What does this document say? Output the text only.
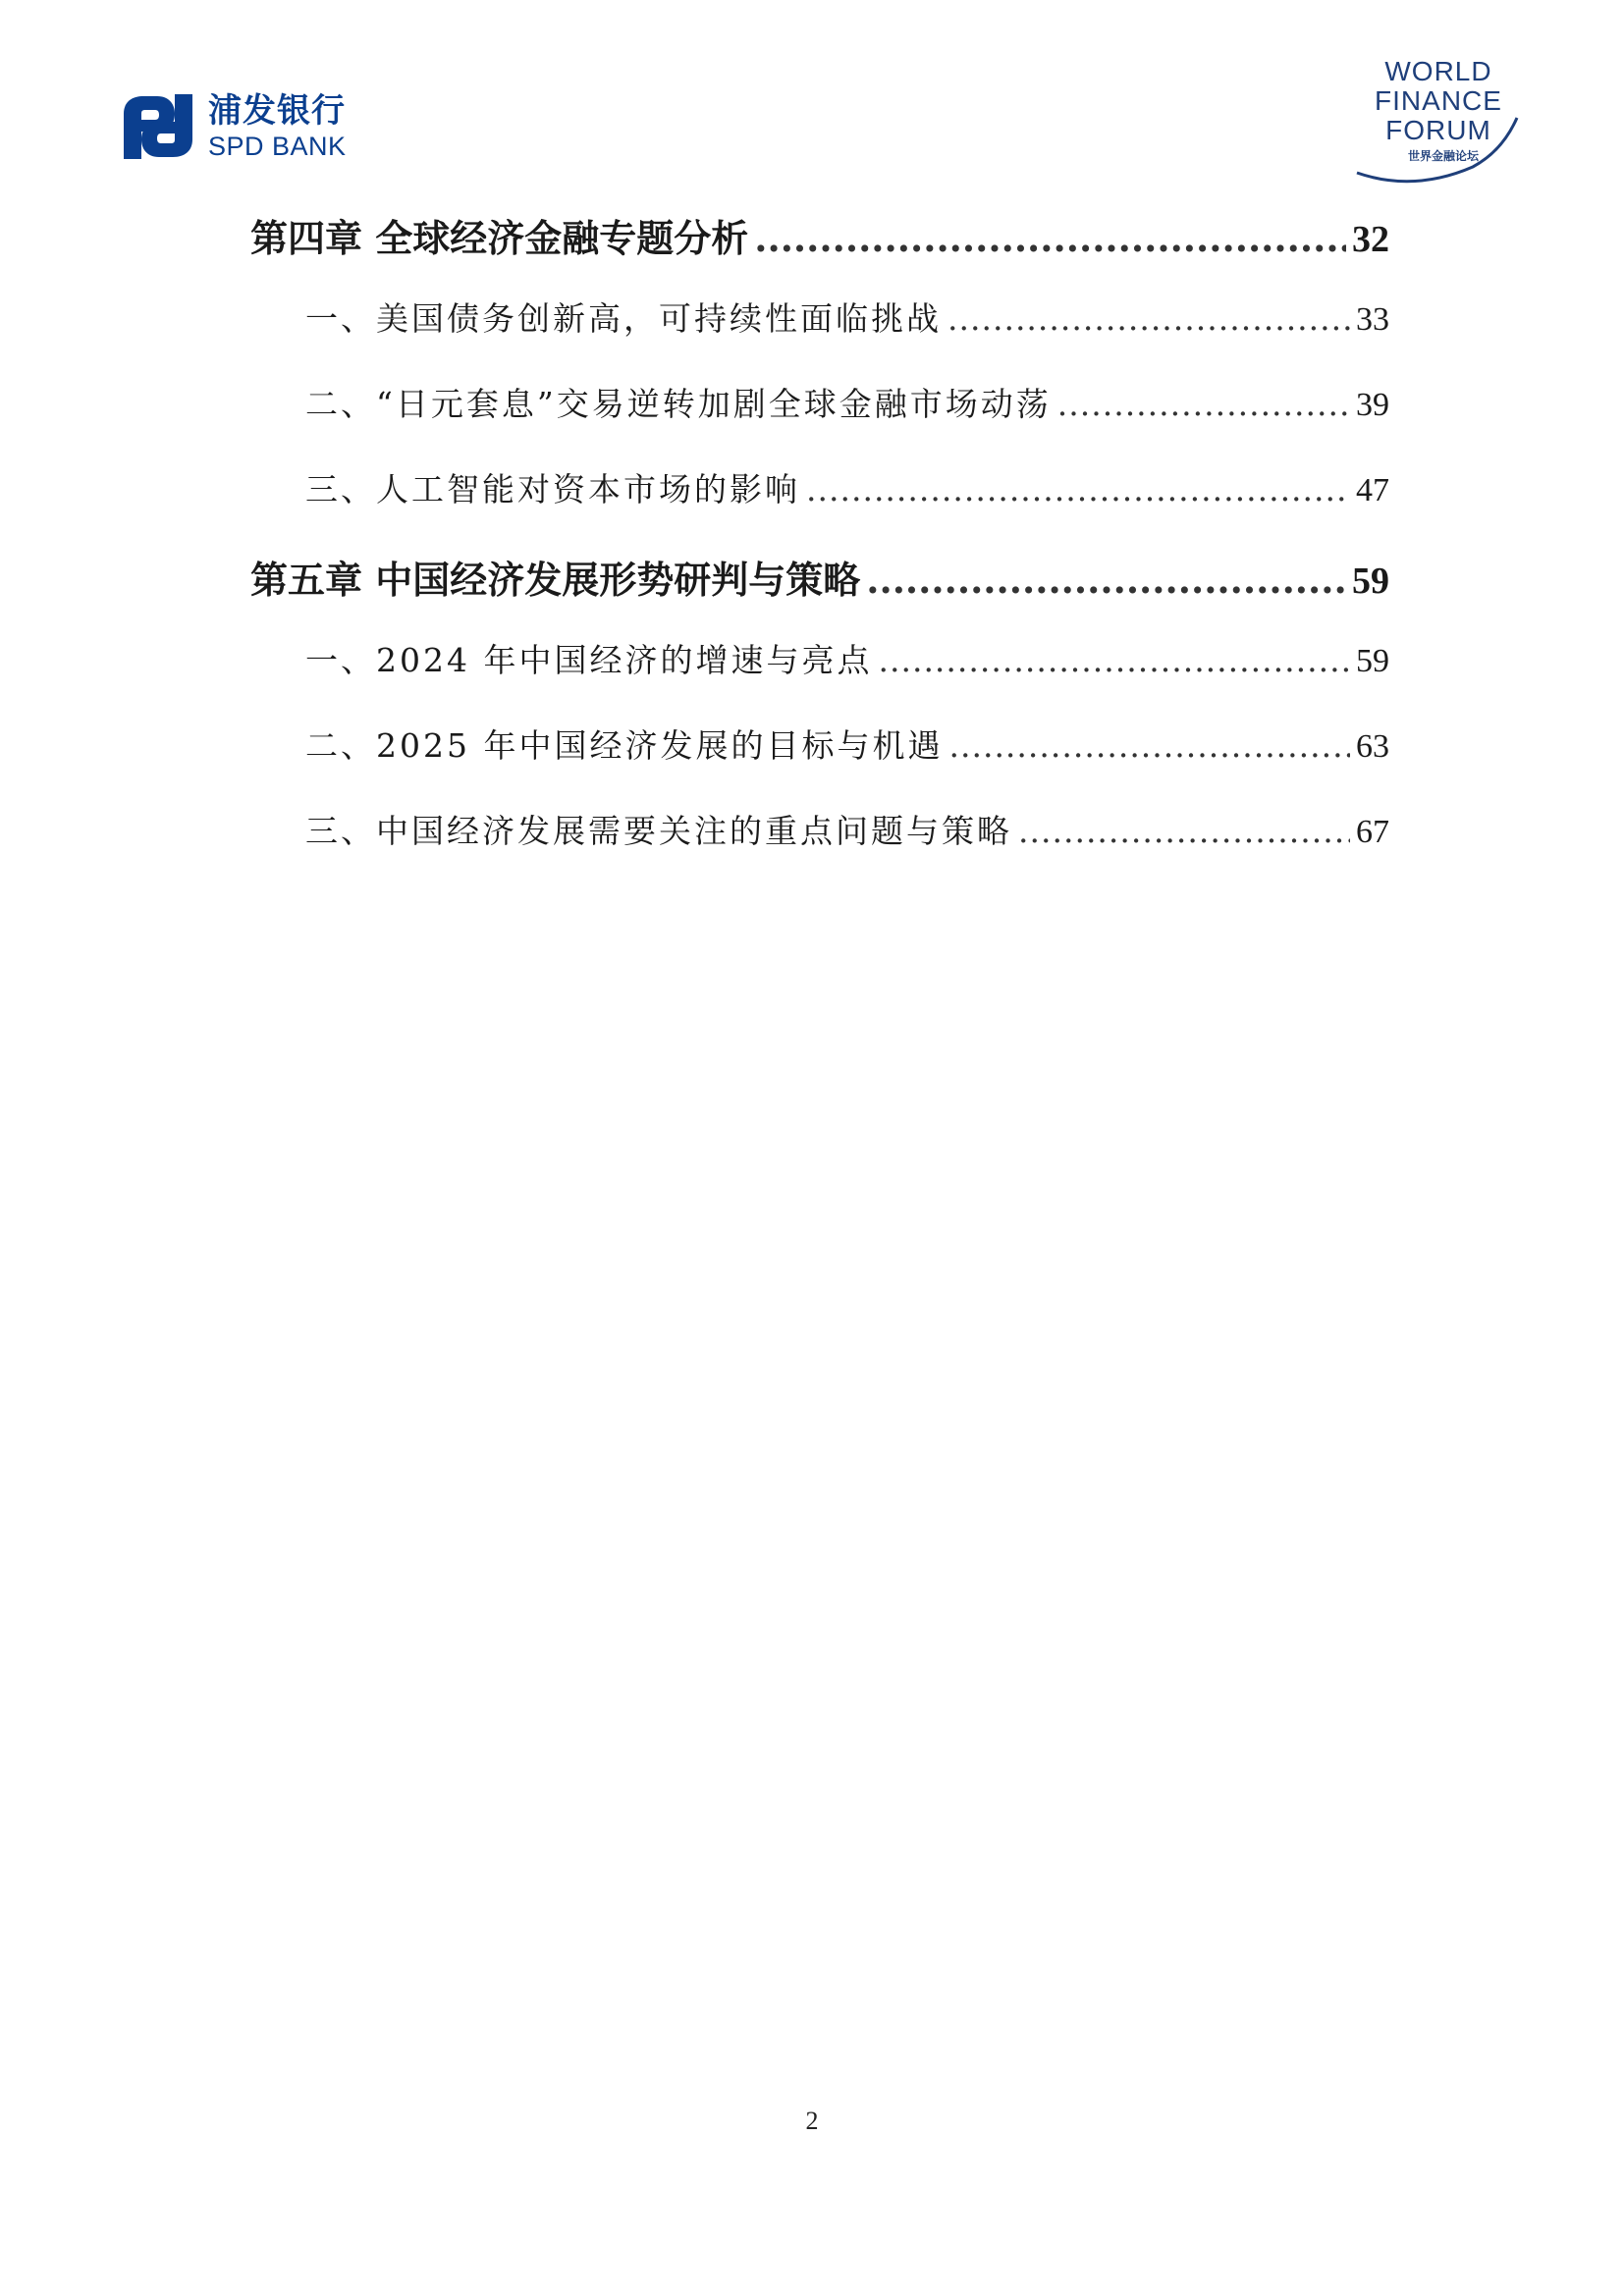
浦发银行
SPD BANK
WORLD
FINANCE
FORUM
世界金融论坛
第四章 全球经济金融专题分析 .....	32
一、美国债务创新高，可持续性面临挑战 .....	33
二、“日元套息”交易逆转加剧全球金融市场动荡 .....	39
三、人工智能对资本市场的影响 .....	47
第五章 中国经济发展形势研判与策略 .....	59
一、2024 年中国经济的增速与亮点 .....	59
二、2025 年中国经济发展的目标与机遇 .....	63
三、中国经济发展需要关注的重点问题与策略 .....	67
2
